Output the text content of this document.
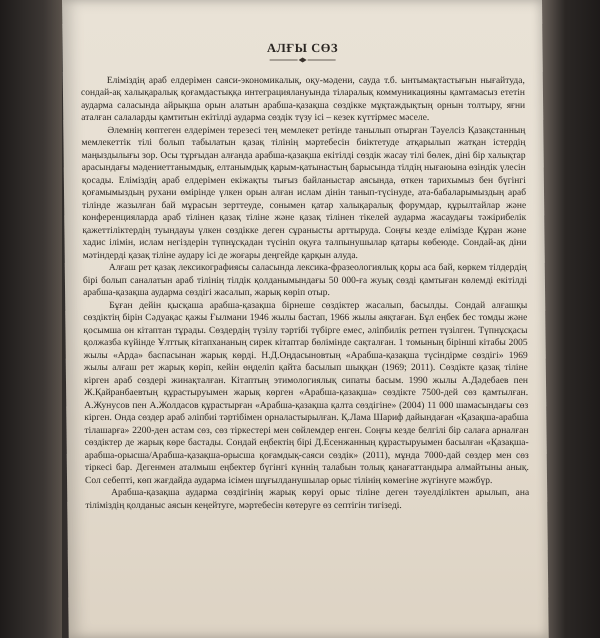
АЛҒЫ СӨЗ

Еліміздің араб елдерімен саяси-экономикалық, оқу-мәдени, сауда т.б. ынтымақтастығын нығайтуда, сондай-ақ халықаралық қоғамдастыққа интеграциялануында тіларалық коммуникацияны қамтамасыз ететін аударма саласында айрықша орын алатын арабша-қазақша сөздікке мұқтаждықтың орнын толтыру, яғни аталған салаларды қамтитын екітілді аударма сөздік түзу ісі – кезек күттірмес мәселе.

Әлемнің көптеген елдерімен терезесі тең мемлекет ретінде танылып отырған Тәуелсіз Қазақстанның мемлекеттік тілі болып табылатын қазақ тілінің мәртебесін биіктетуде атқарылып жатқан істердің маңыздылығы зор. Осы тұрғыдан алғанда арабша-қазақша екітілді сөздік жасау тілі бөлек, діні бір халықтар арасындағы мәдениеттанымдық, елтанымдық қарым-қатынастың барысында тілдің нығаюына өзіндік үлесін қосады. Еліміздің араб елдерімен екіжақты тығыз байланыстар аясында, өткен тарихымыз бен бүгінгі қоғамымыздың рухани өмірінде үлкен орын алған ислам дінін танып-түсінуде, ата-бабаларымыздың араб тілінде жазылған бай мұрасын зерттеуде, сонымен қатар халықаралық форумдар, құрылтайлар және конференцияларда араб тілінен қазақ тіліне және қазақ тілінен тікелей аударма жасаудағы тәжірибелік қажеттіліктердің туындауы үлкен сөздікке деген сұранысты арттыруда. Соңғы кезде елімізде Құран және хадис ілімін, ислам негіздерін түпнұсқадан түсініп оқуға талпынушылар қатары көбеюде. Сондай-ақ діни мәтіндерді қазақ тіліне аудару ісі де жоғары деңгейде қарқын алуда.

Алғаш рет қазақ лексикографиясы саласында лексика-фразеологиялық қоры аса бай, көркем тілдердің бірі болып саналатын араб тілінің тілдік қолданымындағы 50 000-ға жуық сөзді қамтыған көлемді екітілді арабша-қазақша аударма сөздігі жасалып, жарық көріп отыр.

Бұған дейін қысқаша арабша-қазақша бірнеше сөздіктер жасалып, басылды. Сондай алғашқы сөздіктің бірін Сәдуақас қажы Ғылмани 1946 жылы бастап, 1966 жылы аяқтаған. Бұл еңбек бес томды және қосымша он кітаптан тұрады. Сөздердің түзілу тәртібі түбірге емес, әліпбилік ретпен түзілген. Түпнұсқасы қолжазба күйінде Ұлттық кітапхананың сирек кітаптар бөлімінде сақталған. 1 томының бірінші кітабы 2005 жылы «Арда» баспасынан жарық көрді. Н.Д.Оңдасыновтың «Арабша-қазақша түсіндірме сөздігі» 1969 жылы алғаш рет жарық көріп, кейін өңделіп қайта басылып шыққан (1969; 2011). Сөздікте қазақ тіліне кірген араб сөздері жинақталған. Кітаптың этимологиялық сипаты басым. 1990 жылы А.Дәдебаев пен Ж.Қайранбаевтың құрастыруымен жарық көрген «Арабша-қазақша» сөздікте 7500-дей сөз қамтылған. А.Жунусов пен А.Жолдасов құрастырған «Арабша-қазақша қалта сөздігіне» (2004) 11 000 шамасындағы сөз кірген. Онда сөздер араб әліпбиі тәртібімен орналастырылған. Қ.Лама Шариф дайындаған «Қазақша-арабша тілашарға» 2200-ден астам сөз, сөз тіркестері мен сөйлемдер енген. Соңғы кезде белгілі бір салаға арналған сөздіктер де жарық көре бастады. Сондай еңбектің бірі Д.Есенжанның құрастыруымен басылған «Қазақша-арабша-орысша/Арабша-қазақша-орысша қоғамдық-саяси сөздік» (2011), мұнда 7000-дай сөздер мен сөз тіркесі бар. Дегенмен аталмыш еңбектер бүгінгі күннің талабын толық қанағаттандыра алмайтыны анық. Сол себепті, көп жағдайда аударма ісімен шұғылданушылар орыс тілінің көмегіне жүгінуге мәжбүр.

Арабша-қазақша аударма сөздігінің жарық көруі орыс тіліне деген тәуелділіктен арылып, ана тіліміздің қолданыс аясын кеңейтуге, мәртебесін көтеруге өз септігін тигізеді.
